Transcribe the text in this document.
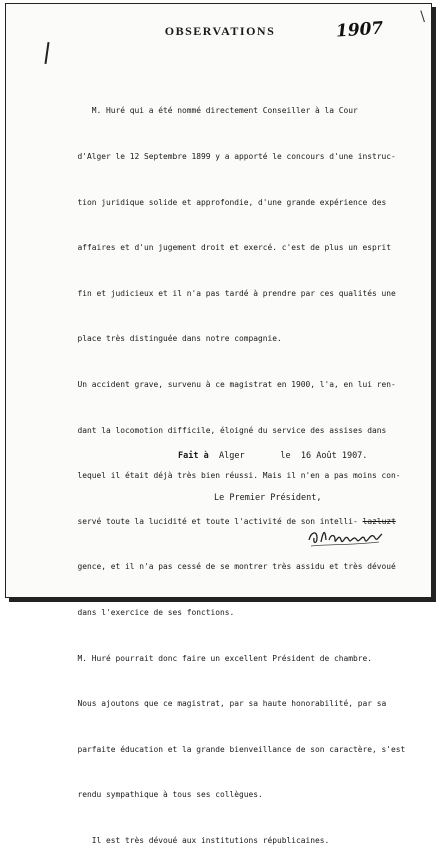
\
OBSERVATIONS	1907

M. Huré qui a été nommé directement Conseiller à la Cour

d'Alger le 12 Septembre 1899 y a apporté le concours d'une instruc-

tion juridique solide et approfondie, d'une grande expérience des

affaires et d'un jugement droit et exercé. c'est de plus un esprit

fin et judicieux et il n'a pas tardé à prendre par ces qualités une

place très distinguée dans notre compagnie.

Un accident grave, survenu à ce magistrat en 1900, l'a, en lui ren-

dant la locomotion difficile, éloigné du service des assises dans

lequel il était déjà très bien réussi. Mais il n'en a pas moins con-

servé toute la lucidité et toute l'activité de son intelli- lazluzt

gence, et il n'a pas cessé de se montrer très assidu et très dévoué

dans l'exercice de ses fonctions.

M. Huré pourrait donc faire un excellent Président de chambre.

Nous ajoutons que ce magistrat, par sa haute honorabilité, par sa

parfaite éducation et la grande bienveillance de son caractère, s'est

rendu sympathique à tous ses collègues.

Il est très dévoué aux institutions républicaines.

Fait à Alger	le 16 Août 1907.
Le Premier Président,
